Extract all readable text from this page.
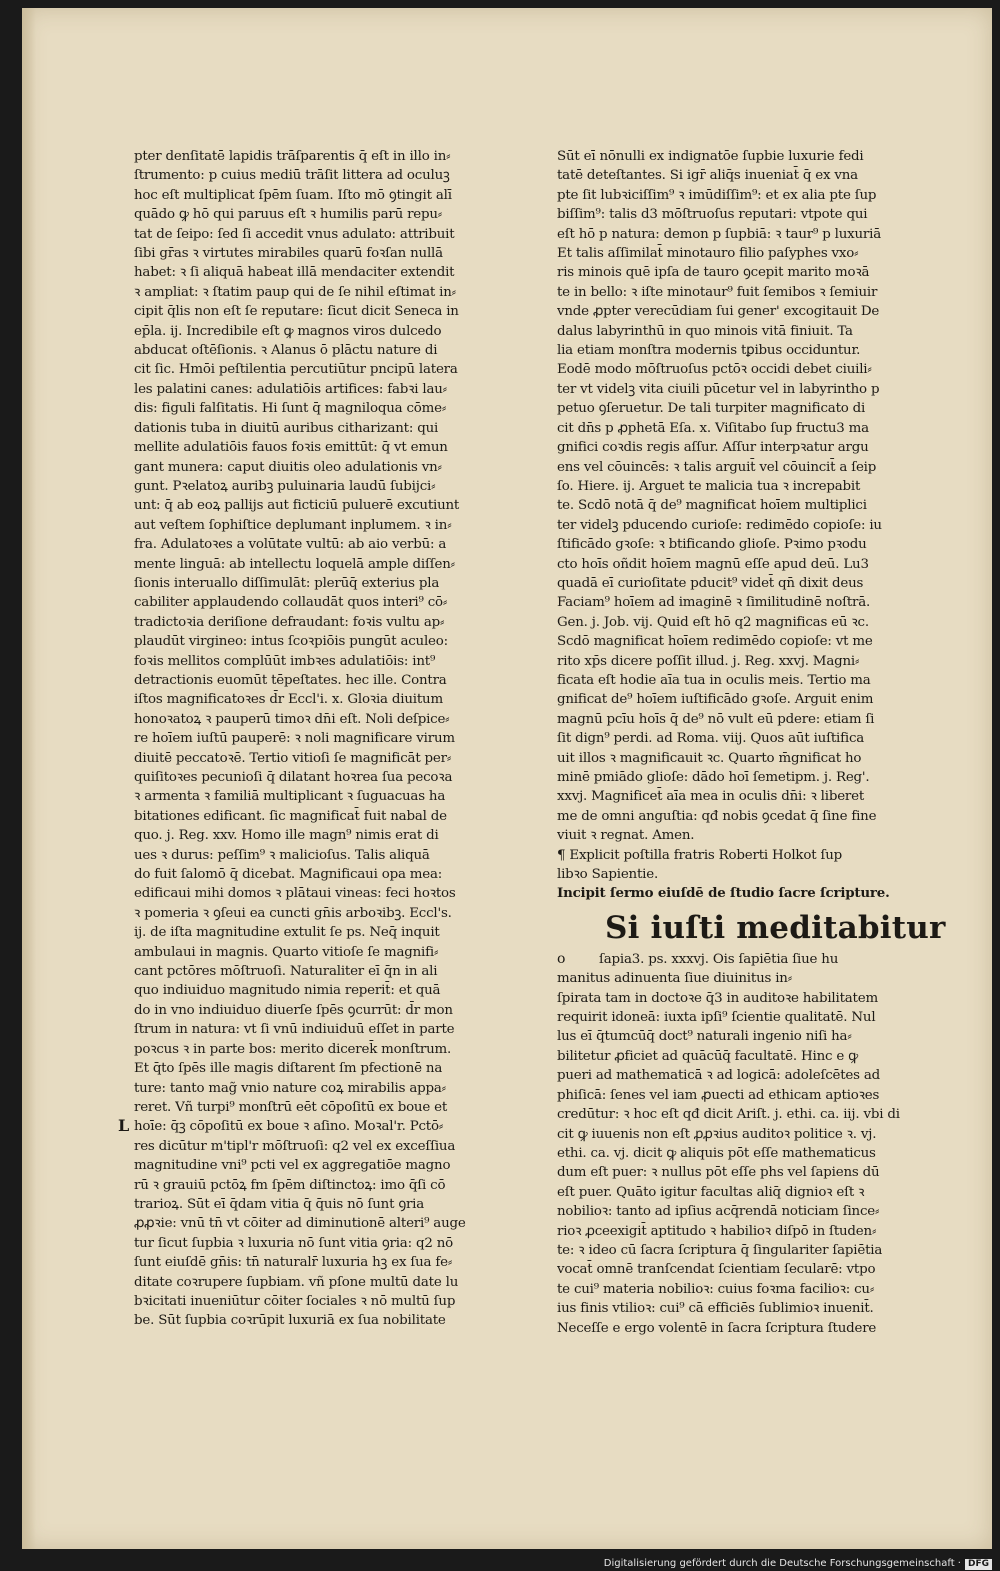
pter denſitatē lapidis trāſparentis q̄ eſt in illo in⸗
ſtrumento: p cuius mediū trāſit littera ad oculuꝫ
hoc eſt multiplicat ſpēm ſuam. Iſto mō ꝯtingit alī
quādo ꝙ hō qui paruus eſt ꝛ humilis parū repu⸗
tat de ſeipo: ſed ſi accedit vnus adulato: attribuit
ſibi gr̄as ꝛ virtutes mirabiles quarū foꝛſan nullā
habet: ꝛ ſi aliquā habeat illā mendaciter extendit
ꝛ ampliat: ꝛ ſtatim paup qui de ſe nihil eſtimat in⸗
cipit q̄lis non eſt ſe reputare: ſicut dicit Seneca in
ep̄la. ij. Incredibile eſt ꝙ magnos viros dulcedo
abducat oſtēſionis. ꝛ Alanus ō plāctu nature di
cit ſic. Hmōi peſtilentia percutiūtur pncipū latera
les palatini canes: adulatiōis artifices: fabꝛi lau⸗
dis: figuli falſitatis. Hi ſunt q̄ magniloqua cōme⸗
dationis tuba in diuitū auribus citharizant: qui
mellite adulatiōis fauos foꝛis emittūt: q̄ vt emun
gant munera: caput diuitis oleo adulationis vn⸗
gunt. Pꝛelatoꝝ auribꝫ puluinaria laudū ſubijci⸗
unt: q̄ ab eoꝝ pallijs aut ficticiū puluerē excutiunt
aut veſtem ſophiſtice deplumant inplumem. ꝛ in⸗
fra. Adulatoꝛes a volūtate vultū: ab aio verbū: a
mente linguā: ab intellectu loquelā ample diſſen⸗
ſionis interuallo diſſimulāt: plerūq̄ exterius pla
cabiliter applaudendo collaudāt quos interi⁹ cō⸗
tradictoꝛia deriſione defraudant: foꝛis vultu ap⸗
plaudūt virgineo: intus ſcoꝛpiōis pungūt aculeo:
foꝛis mellitos complūūt imbꝛes adulatiōis: int⁹
detractionis euomūt tēpeſtates. hec ille. Contra
iſtos magnificatoꝛes d̄r Eccl'i. x. Gloꝛia diuitum
honoꝛatoꝝ ꝛ pauperū timoꝛ dn̄i eſt. Noli deſpice⸗
re hoīem iuſtū pauperē: ꝛ noli magnificare virum
diuitē peccatoꝛē. Tertio vitioſi ſe magnificāt per⸗
quiſitoꝛes pecunioſi q̄ dilatant hoꝛrea ſua pecoꝛa
ꝛ armenta ꝛ familiā multiplicant ꝛ ſuguacuas ha
bitationes edificant. ſic magnificat̄ fuit nabal de
quo. j. Reg. xxv. Homo ille magn⁹ nimis erat di
ues ꝛ durus: peſſim⁹ ꝛ malicioſus. Talis aliquā
do fuit ſalomō q̄ dicebat. Magnificaui opa mea:
edificaui mihi domos ꝛ plātaui vineas: feci hoꝛtos
ꝛ pomeria ꝛ ꝯſeui ea cuncti gn̄is arboꝛibꝫ. Eccl's.
ij. de iſta magnitudine extulit ſe ps. Neq̄ inquit
ambulaui in magnis. Quarto vitioſe ſe magnifi⸗
cant pctōres mōſtruoſi. Naturaliter eī q̄n in ali
quo indiuiduo magnitudo nimia reperit̄: et quā
do in vno indiuiduo diuerſe ſpēs ꝯcurrūt: d̄r mon
ſtrum in natura: vt ſi vnū indiuiduū eſſet in parte
poꝛcus ꝛ in parte bos: merito dicerek̄ monſtrum.
Et q̄to ſpēs ille magis diſtarent ſm pfectionē na
ture: tanto mag̃ vnio nature coꝝ mirabilis appa⸗
reret. Vñ turpi⁹ monſtrū eēt cōpoſitū ex boue et
hoīe: q̄ꝫ cōpoſitū ex boue ꝛ aſino. Moꝛal'r. Pctō⸗
res dicūtur m'tipl'r mōſtruoſi: q2 vel ex exceſſiua
magnitudine vni⁹ pcti vel ex aggregatiōe magno
rū ꝛ grauiū pctōꝝ fm ſpēm diſtinctoꝝ: imo q̄ſi cō
trarioꝝ. Sūt eī q̄dam vitia q̄ q̄uis nō ſunt ꝯria
ꝓꝓꝛie: vnū tn̄ vt cōiter ad diminutionē alteri⁹ auge
tur ſicut ſupbia ꝛ luxuria nō ſunt vitia ꝯria: q2 nō
ſunt eiuſdē gn̄is: tn̄ naturalr̄ luxuria hꝫ ex ſua fe⸗
ditate coꝛrupere ſupbiam. vñ pſone multū date lu
bꝛicitati inueniūtur cōiter ſociales ꝛ nō multū ſup
be. Sūt ſupbia coꝛrūpit luxuriā ex ſua nobilitate
L
Sūt eī nōnulli ex indignatōe ſupbie luxurie fedi
tatē deteſtantes. Si igr̄ aliq̄s inueniat̄ q̄ ex vna
pte ſit lubꝛiciſſim⁹ ꝛ imūdiſſim⁹: et ex alia pte ſup
biſſim⁹: talis d3 mōſtruoſus reputari: vtpote qui
eſt hō p natura: demon p ſupbiā: ꝛ taur⁹ p luxuriā
Et talis aſſimilat̄ minotauro filio paſyphes vxo⸗
ris minois quē ipſa de tauro ꝯcepit marito moꝛā
te in bello: ꝛ iſte minotaur⁹ fuit ſemibos ꝛ ſemiuir
vnde ꝓpter verecūdiam ſui gener' excogitauit De
dalus labyrinthū in quo minois vitā finiuit. Ta
lia etiam monſtra modernis tꝑibus occiduntur.
Eodē modo mōſtruoſus pctōꝛ occidi debet ciuili⸗
ter vt videlꝫ vita ciuili pūcetur vel in labyrintho p
petuo ꝯſeruetur. De tali turpiter magnificato di
cit dn̄s p ꝓphetā Eſa. x. Viſitabo ſup fructu3 ma
gnifici coꝛdis regis aſſur. Aſſur interpꝛatur argu
ens vel cōuincēs: ꝛ talis arguit̄ vel cōuincit̄ a ſeip
ſo. Hiere. ij. Arguet te malicia tua ꝛ increpabit
te. Scdō notā q̄ de⁹ magnificat hoīem multiplici
ter videlꝫ pducendo curioſe: redimēdo copioſe: iu
ſtificādo gꝛoſe: ꝛ btificando glioſe. Pꝛimo pꝛodu
cto hoīs oñdit hoīem magnū eſſe apud deū. Lu3
quadā eī curioſitate pducit⁹ videt̄ qn̄ dixit deus
Faciam⁹ hoīem ad imaginē ꝛ ſimilitudinē noſtrā.
Gen. j. Job. vij. Quid eſt hō q2 magnificas eū ꝛc.
Scdō magnificat hoīem redimēdo copioſe: vt me
rito xp̄s dicere poſſit illud. j. Reg. xxvj. Magni⸗
ficata eſt hodie aīa tua in oculis meis. Tertio ma
gnificat de⁹ hoīem iuſtificādo gꝛoſe. Arguit enim
magnū pcīu hoīs q̄ de⁹ nō vult eū pdere: etiam ſi
ſit dign⁹ perdi. ad Roma. viij. Quos aūt iuſtifica
uit illos ꝛ magnificauit ꝛc. Quarto m̄gnificat ho
minē pmiādo glioſe: dādo hoī ſemetipm. j. Reg'.
xxvj. Magnificet̄ aīa mea in oculis dn̄i: ꝛ liberet
me de omni anguſtia: qđ nobis ꝯcedat q̄ ſine fine
viuit ꝛ regnat. Amen.
¶ Explicit poſtilla fratris Roberti Holkot ſup
libꝛo Sapientie.
Incipit ſermo eiuſdē de ſtudio ſacre ſcripture.
Si iuſti meditabitur
o	ſapia3. ps. xxxvj. Ois ſapiētia ſiue hu
manitus adinuenta ſiue diuinitus in⸗
ſpirata tam in doctoꝛe q̄3 in auditoꝛe habilitatem
requirit idoneā: iuxta ipſi⁹ ſcientie qualitatē. Nul
lus eī q̄tumcūq̄ doct⁹ naturali ingenio niſi ha⸗
bilitetur ꝓficiet ad quācūq̄ facultatē. Hinc e ꝙ
pueri ad mathematicā ꝛ ad logicā: adoleſcētes ad
phiſicā: ſenes vel iam ꝓuecti ad ethicam aptioꝛes
credūtur: ꝛ hoc eſt qđ dicit Ariſt. j. ethi. ca. iij. vbi di
cit ꝙ iuuenis non eſt ꝓꝓꝛius auditoꝛ politice ꝛ. vj.
ethi. ca. vj. dicit ꝙ aliquis pōt eſſe mathematicus
dum eſt puer: ꝛ nullus pōt eſſe phs vel ſapiens dū
eſt puer. Quāto igitur facultas aliq̄ dignioꝛ eſt ꝛ
nobilioꝛ: tanto ad ipſius acq̄rendā noticiam ſince⸗
rioꝛ ꝓceexigit̄ aptitudo ꝛ habilioꝛ diſpō in ſtuden⸗
te: ꝛ ideo cū ſacra ſcriptura q̄ ſingulariter ſapiētia
vocat̄ omnē tranſcendat ſcientiam ſecularē: vtpo
te cui⁹ materia nobilioꝛ: cuius foꝛma facilioꝛ: cu⸗
ius finis vtilioꝛ: cui⁹ cā efficiēs ſublimioꝛ inuenit̄.
Neceſſe e ergo volentē in ſacra ſcriptura ſtudere
Digitalisierung gefördert durch die Deutsche Forschungsgemeinschaft · DFG
